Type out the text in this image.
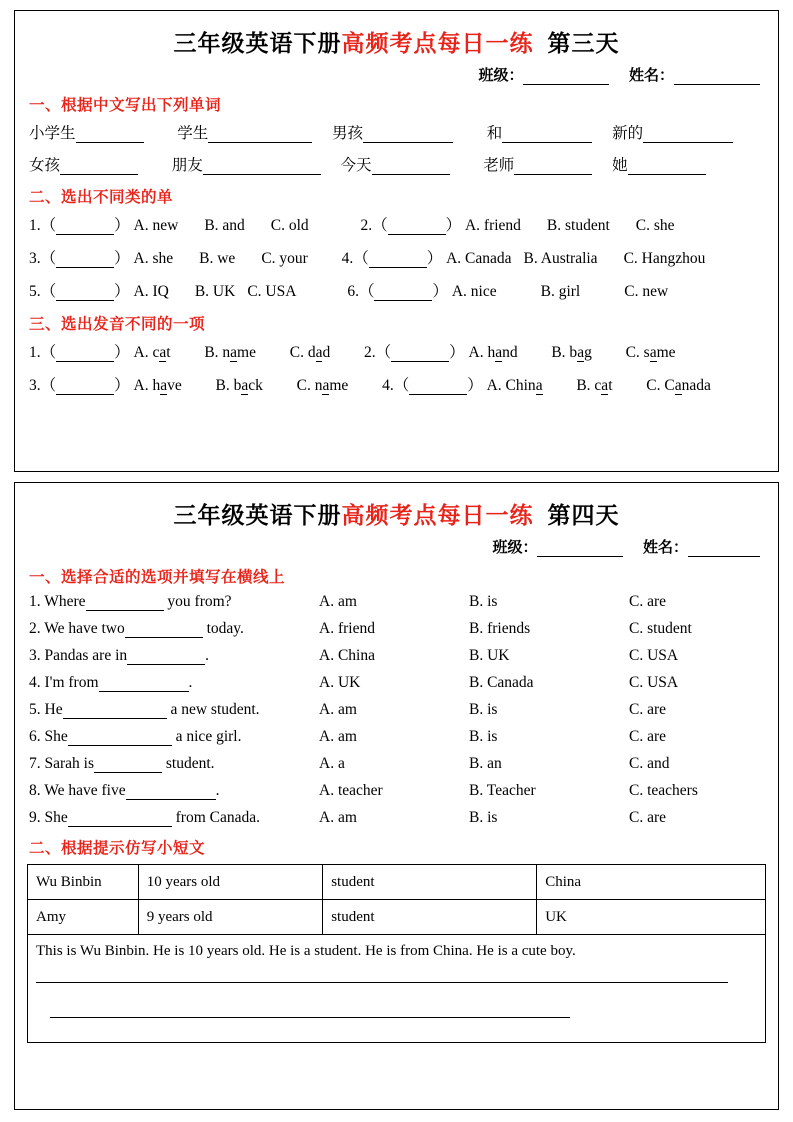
三年级英语下册高频考点每日一练 第三天
班级：	姓名：
一、根据中文写出下列单词
小学生	学生	男孩	和	新的
女孩	朋友	今天	老师	她
二、选出不同类的单
1.（	） A. new B. and C. old	2.（	） A. friend B. student C. she
3.（	） A. she B. we C. your 4.（	） A. Canada B. Australia C. Hangzhou
5.（	） A. IQ B. UK C. USA	6.（	） A. nice	B. girl	C. new
三、选出发音不同的一项
1.（	） A. cat B. name C. dad 2.（	） A. hand B. bag C. same
3.（	） A. have B. back C. name 4.（	） A. China B. cat C. Canada
三年级英语下册高频考点每日一练 第四天
班级：	姓名：
一、选择合适的选项并填写在横线上
1. Where	you from?	A. am	B. is	C. are
2. We have two	today.	A. friend	B. friends	C. student
3. Pandas are in	.	A. China	B. UK	C. USA
4. I'm from	.	A. UK	B. Canada	C. USA
5. He	a new student.	A. am	B. is	C. are
6. She	a nice girl.	A. am	B. is	C. are
7. Sarah is	student.	A. a	B. an	C. and
8. We have five	.	A. teacher	B. Teacher	C. teachers
9. She	from Canada.	A. am	B. is	C. are
二、根据提示仿写小短文
Wu Binbin	10 years old	student	China
Amy	9 years old	student	UK
This is Wu Binbin. He is 10 years old. He is a student. He is from China. He is a cute boy.
